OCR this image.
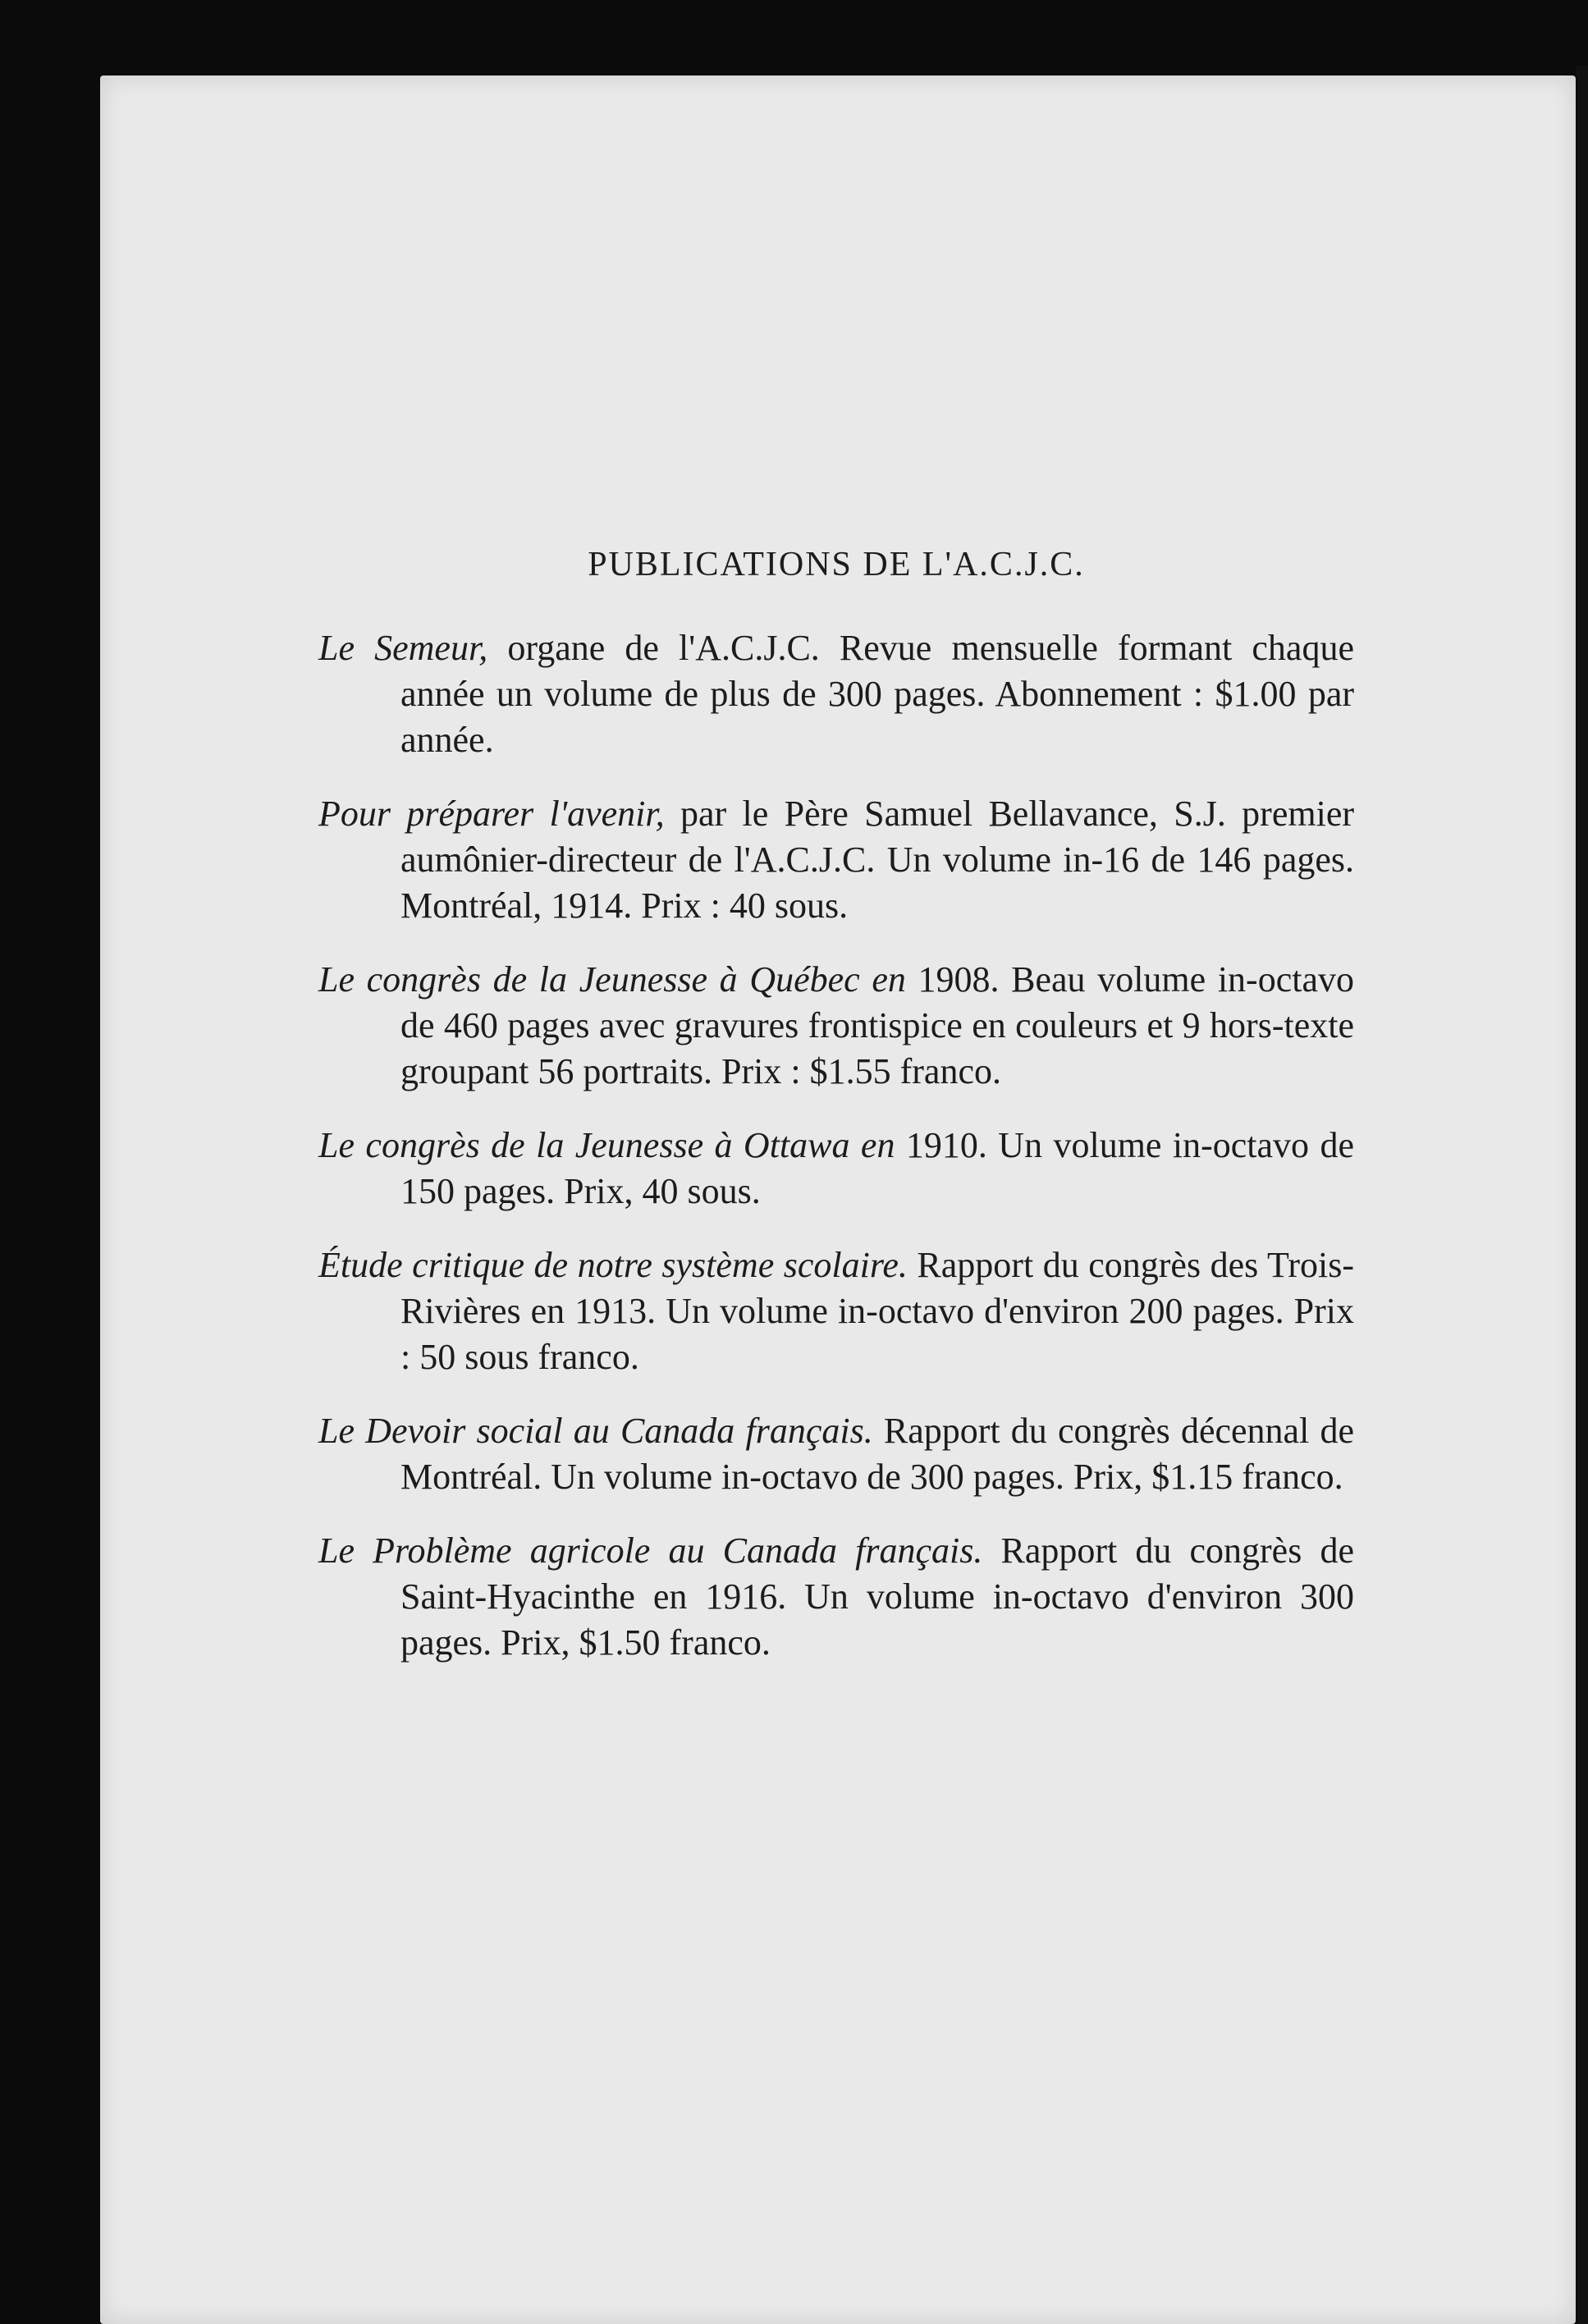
PUBLICATIONS DE L'A.C.J.C.

Le Semeur, organe de l'A.C.J.C. Revue mensuelle formant chaque année un volume de plus de 300 pages. Abonnement : $1.00 par année.

Pour préparer l'avenir, par le Père Samuel Bellavance, S.J. premier aumônier-directeur de l'A.C.J.C. Un volume in-16 de 146 pages. Montréal, 1914. Prix : 40 sous.

Le congrès de la Jeunesse à Québec en 1908. Beau volume in-octavo de 460 pages avec gravures frontispice en couleurs et 9 hors-texte groupant 56 portraits. Prix : $1.55 franco.

Le congrès de la Jeunesse à Ottawa en 1910. Un volume in-octavo de 150 pages. Prix, 40 sous.

Étude critique de notre système scolaire. Rapport du congrès des Trois-Rivières en 1913. Un volume in-octavo d'environ 200 pages. Prix : 50 sous franco.

Le Devoir social au Canada français. Rapport du congrès décennal de Montréal. Un volume in-octavo de 300 pages. Prix, $1.15 franco.

Le Problème agricole au Canada français. Rapport du congrès de Saint-Hyacinthe en 1916. Un volume in-octavo d'environ 300 pages. Prix, $1.50 franco.
